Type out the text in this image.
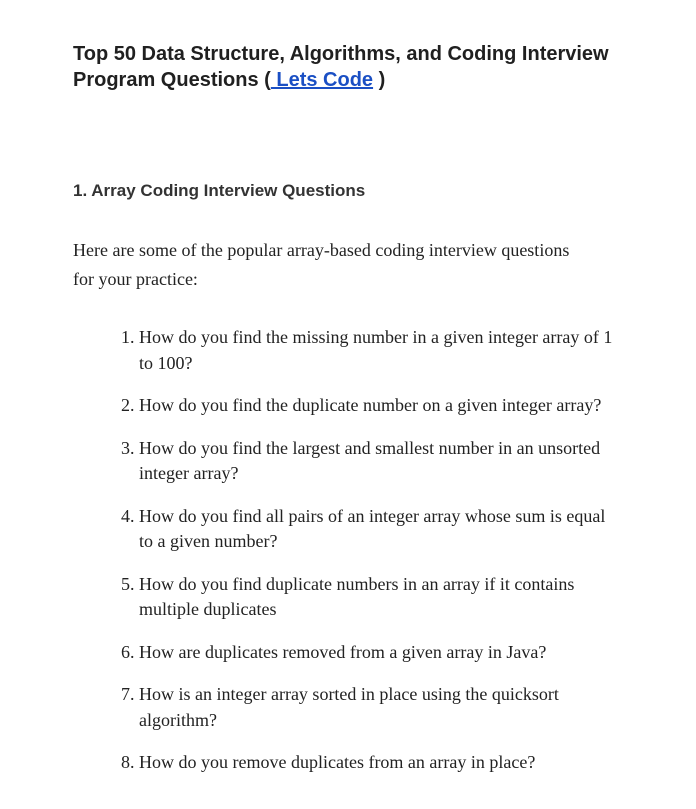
Top 50 Data Structure, Algorithms, and Coding Interview Program Questions ( Lets Code )
1. Array Coding Interview Questions

Here are some of the popular array-based coding interview questions for your practice:

1. How do you find the missing number in a given integer array of 1 to 100?
2. How do you find the duplicate number on a given integer array?
3. How do you find the largest and smallest number in an unsorted integer array?
4. How do you find all pairs of an integer array whose sum is equal to a given number?
5. How do you find duplicate numbers in an array if it contains multiple duplicates
6. How are duplicates removed from a given array in Java?
7. How is an integer array sorted in place using the quicksort algorithm?
8. How do you remove duplicates from an array in place?
